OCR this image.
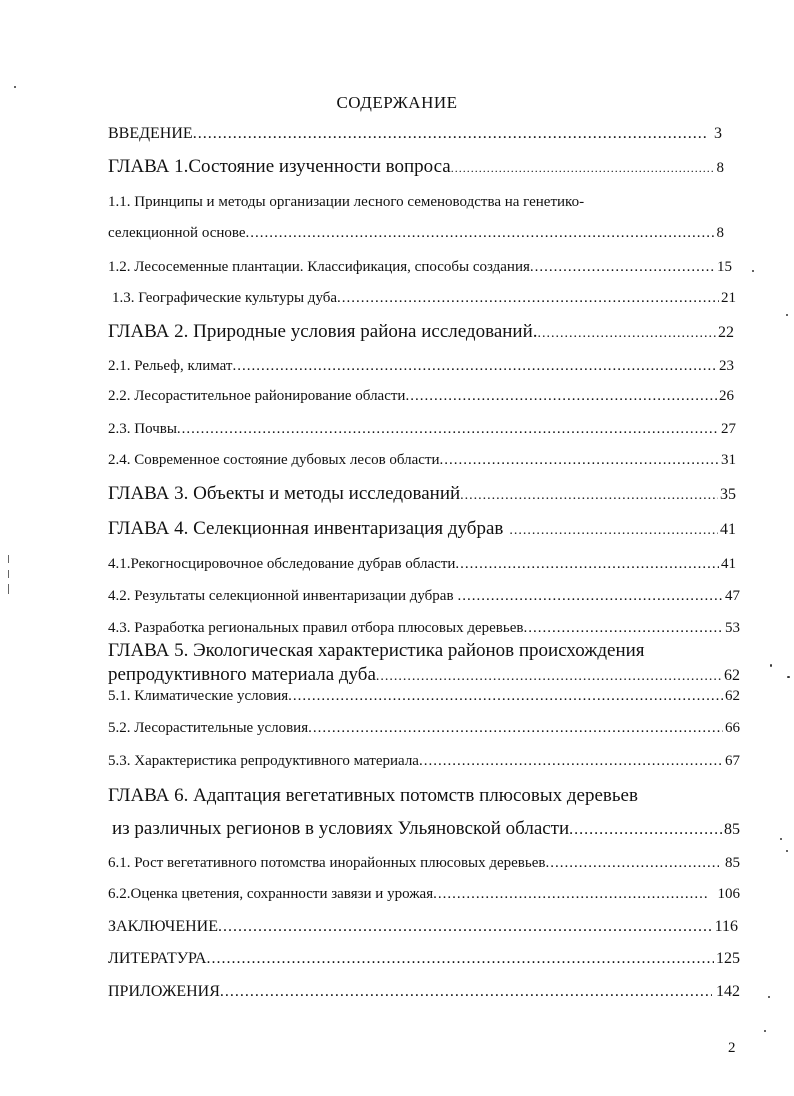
СОДЕРЖАНИЕ
ВВЕДЕНИЕ .....	3
ГЛАВА 1.Состояние изученности вопроса .....	8
1.1. Принципы и методы организации лесного семеноводства на генетико-
селекционной основе .....	8
1.2. Лесосеменные плантации. Классификация, способы создания .....	15
1.3. Географические культуры дуба .....	21
ГЛАВА 2. Природные условия района исследований. .....	22
2.1. Рельеф, климат .....	23
2.2. Лесорастительное районирование области .....	26
2.3. Почвы .....	27
2.4. Современное состояние дубовых лесов области .....	31
ГЛАВА 3. Объекты и методы исследований .....	35
ГЛАВА 4. Селекционная инвентаризация дубрав .....	41
4.1.Рекогносцировочное обследование дубрав области .....	41
4.2. Результаты селекционной инвентаризации дубрав .....	47
4.3. Разработка региональных правил отбора плюсовых деревьев .....	53
ГЛАВА 5. Экологическая характеристика районов происхождения
репродуктивного материала дуба .....	62
5.1. Климатические условия .....	62
5.2. Лесорастительные условия .....	66
5.3. Характеристика репродуктивного материала .....	67
ГЛАВА 6. Адаптация вегетативных потомств плюсовых деревьев
из различных регионов в условиях Ульяновской области .....	85
6.1. Рост вегетативного потомства инорайонных плюсовых деревьев .....	85
6.2.Оценка цветения, сохранности завязи и урожая .....	106
ЗАКЛЮЧЕНИЕ .....	116
ЛИТЕРАТУРА .....	125
ПРИЛОЖЕНИЯ .....	142
2
